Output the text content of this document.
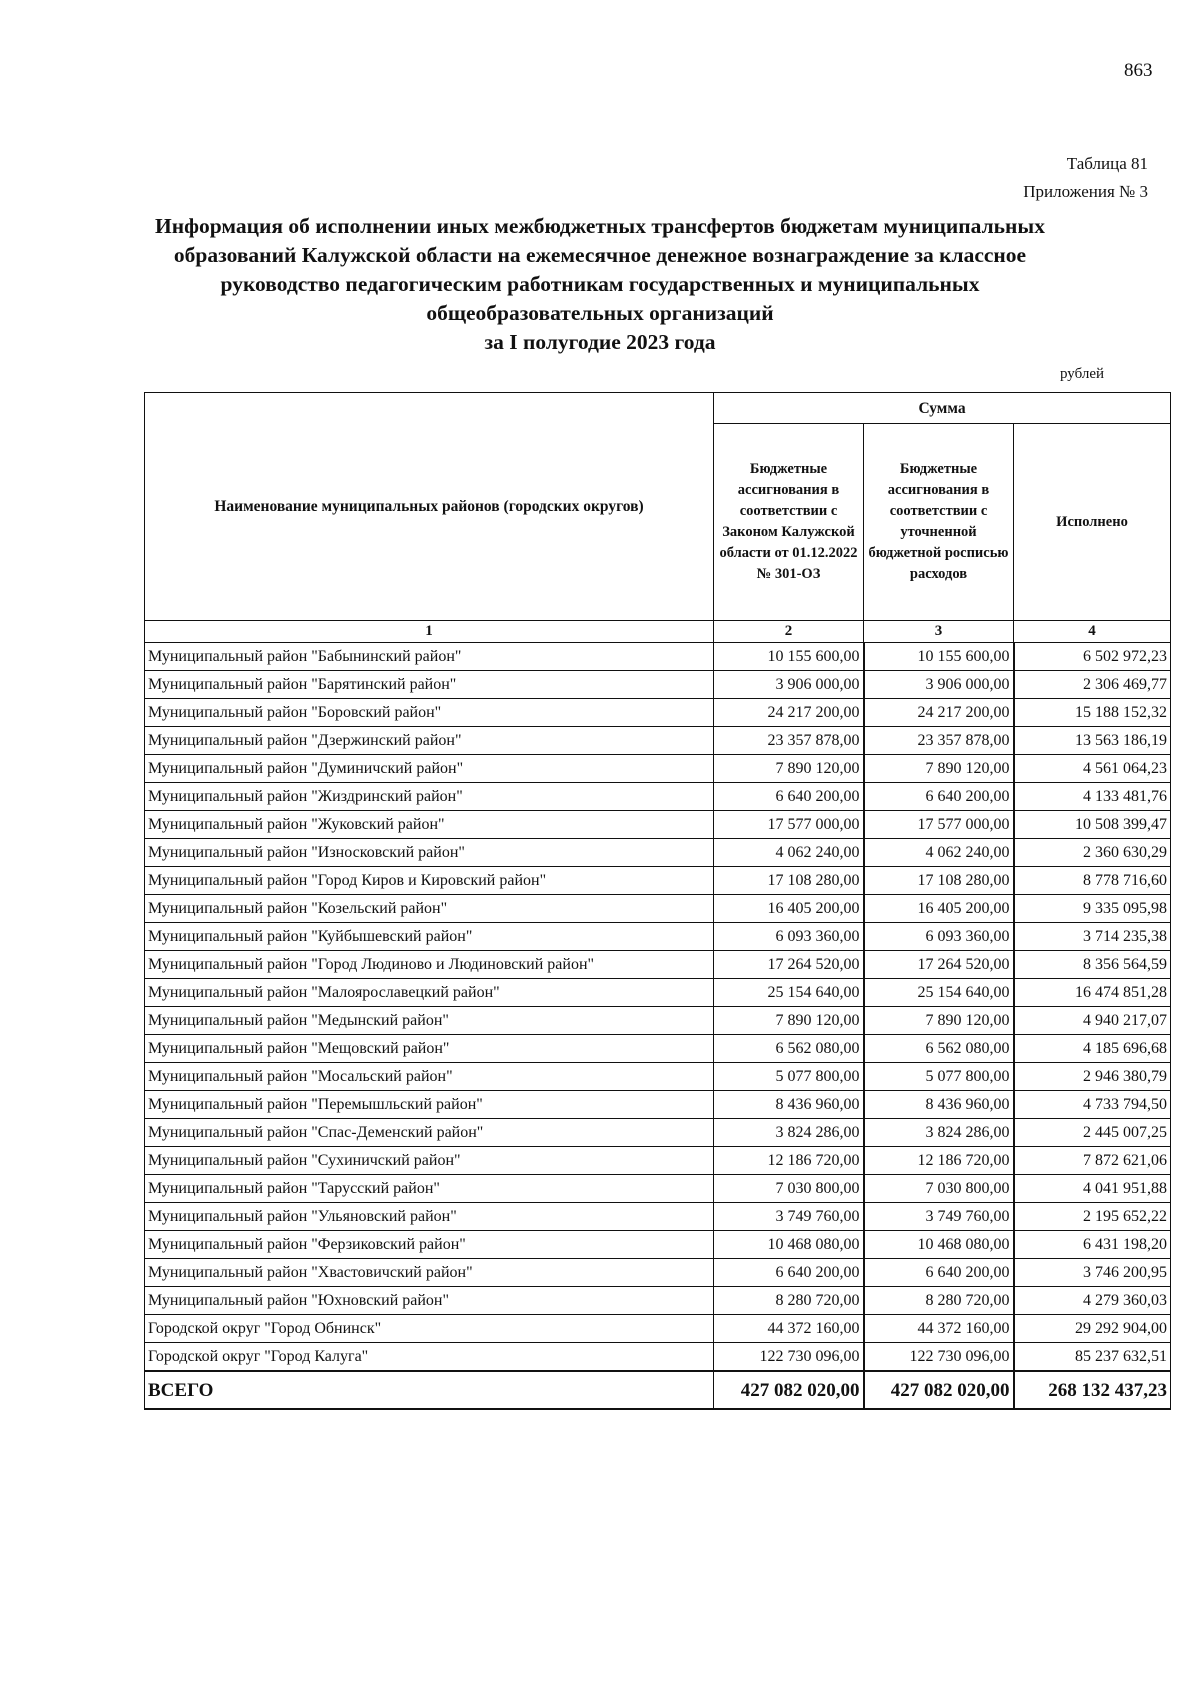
863
Таблица 81
Приложения № 3
Информация об исполнении иных межбюджетных трансфертов бюджетам муниципальных
образований Калужской области на ежемесячное денежное вознаграждение за классное
руководство педагогическим работникам государственных и муниципальных
общеобразовательных организаций
за I полугодие 2023 года
рублей
Наименование муниципальных районов (городских округов)	Сумма		
	Бюджетные ассигнования в соответствии с Законом Калужской области от 01.12.2022 № 301-ОЗ	Бюджетные ассигнования в соответствии с уточненной бюджетной росписью расходов	Исполнено
1	2	3	4
Муниципальный район "Бабынинский район"	10 155 600,00	10 155 600,00	6 502 972,23
Муниципальный район "Барятинский район"	3 906 000,00	3 906 000,00	2 306 469,77
Муниципальный район "Боровский район"	24 217 200,00	24 217 200,00	15 188 152,32
Муниципальный район "Дзержинский район"	23 357 878,00	23 357 878,00	13 563 186,19
Муниципальный район "Думиничский район"	7 890 120,00	7 890 120,00	4 561 064,23
Муниципальный район "Жиздринский район"	6 640 200,00	6 640 200,00	4 133 481,76
Муниципальный район "Жуковский район"	17 577 000,00	17 577 000,00	10 508 399,47
Муниципальный район "Износковский район"	4 062 240,00	4 062 240,00	2 360 630,29
Муниципальный район "Город Киров и Кировский район"	17 108 280,00	17 108 280,00	8 778 716,60
Муниципальный район "Козельский район"	16 405 200,00	16 405 200,00	9 335 095,98
Муниципальный район "Куйбышевский район"	6 093 360,00	6 093 360,00	3 714 235,38
Муниципальный район "Город Людиново и Людиновский район"	17 264 520,00	17 264 520,00	8 356 564,59
Муниципальный район "Малоярославецкий район"	25 154 640,00	25 154 640,00	16 474 851,28
Муниципальный район "Медынский район"	7 890 120,00	7 890 120,00	4 940 217,07
Муниципальный район "Мещовский район"	6 562 080,00	6 562 080,00	4 185 696,68
Муниципальный район "Мосальский район"	5 077 800,00	5 077 800,00	2 946 380,79
Муниципальный район "Перемышльский район"	8 436 960,00	8 436 960,00	4 733 794,50
Муниципальный район "Спас-Деменский район"	3 824 286,00	3 824 286,00	2 445 007,25
Муниципальный район "Сухиничский район"	12 186 720,00	12 186 720,00	7 872 621,06
Муниципальный район "Тарусский район"	7 030 800,00	7 030 800,00	4 041 951,88
Муниципальный район "Ульяновский район"	3 749 760,00	3 749 760,00	2 195 652,22
Муниципальный район "Ферзиковский район"	10 468 080,00	10 468 080,00	6 431 198,20
Муниципальный район "Хвастовичский район"	6 640 200,00	6 640 200,00	3 746 200,95
Муниципальный район "Юхновский район"	8 280 720,00	8 280 720,00	4 279 360,03
Городской округ "Город Обнинск"	44 372 160,00	44 372 160,00	29 292 904,00
Городской округ "Город Калуга"	122 730 096,00	122 730 096,00	85 237 632,51
ВСЕГО	427 082 020,00	427 082 020,00	268 132 437,23
